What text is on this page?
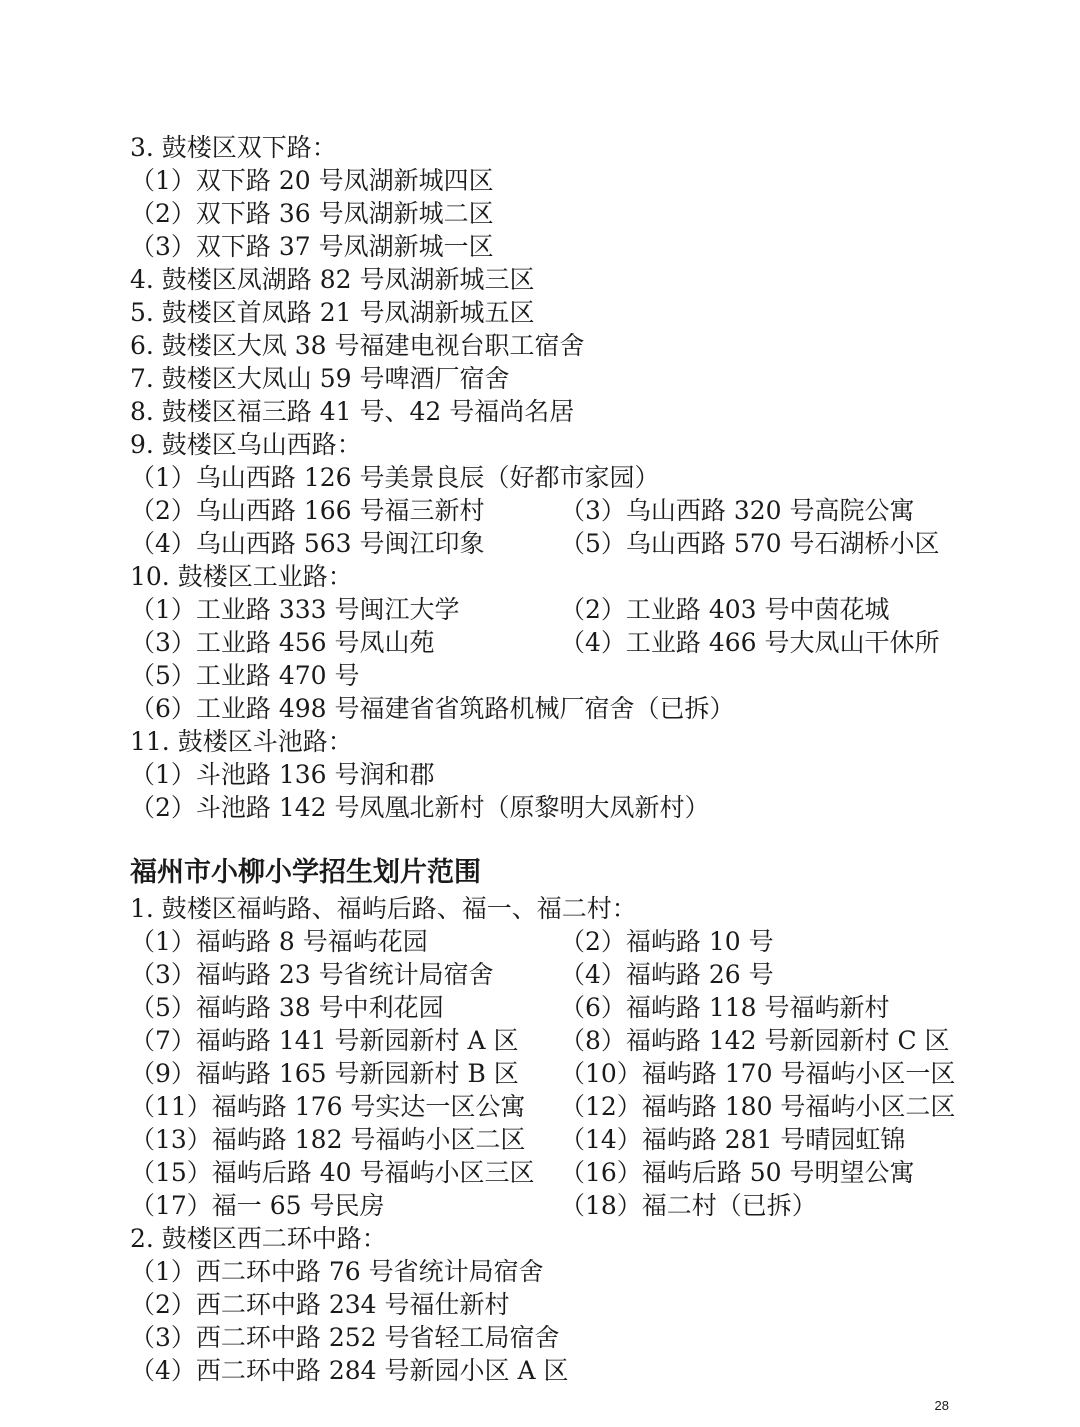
3. 鼓楼区双下路：
（1）双下路 20 号凤湖新城四区
（2）双下路 36 号凤湖新城二区
（3）双下路 37 号凤湖新城一区
4. 鼓楼区凤湖路 82 号凤湖新城三区
5. 鼓楼区首凤路 21 号凤湖新城五区
6. 鼓楼区大凤 38 号福建电视台职工宿舍
7. 鼓楼区大凤山 59 号啤酒厂宿舍
8. 鼓楼区福三路 41 号、42 号福尚名居
9. 鼓楼区乌山西路：
（1）乌山西路 126 号美景良辰（好都市家园）
（2）乌山西路 166 号福三新村	（3）乌山西路 320 号高院公寓
（4）乌山西路 563 号闽江印象	（5）乌山西路 570 号石湖桥小区
10. 鼓楼区工业路：
（1）工业路 333 号闽江大学	（2）工业路 403 号中茵花城
（3）工业路 456 号凤山苑	（4）工业路 466 号大凤山干休所
（5）工业路 470 号
（6）工业路 498 号福建省省筑路机械厂宿舍（已拆）
11. 鼓楼区斗池路：
（1）斗池路 136 号润和郡
（2）斗池路 142 号凤凰北新村（原黎明大凤新村）
福州市小柳小学招生划片范围
1. 鼓楼区福屿路、福屿后路、福一、福二村：
（1）福屿路 8 号福屿花园	（2）福屿路 10 号
（3）福屿路 23 号省统计局宿舍	（4）福屿路 26 号
（5）福屿路 38 号中利花园	（6）福屿路 118 号福屿新村
（7）福屿路 141 号新园新村 A 区 （8）福屿路 142 号新园新村 C 区
（9）福屿路 165 号新园新村 B 区 （10）福屿路 170 号福屿小区一区
（11）福屿路 176 号实达一区公寓 （12）福屿路 180 号福屿小区二区
（13）福屿路 182 号福屿小区二区 （14）福屿路 281 号晴园虹锦
（15）福屿后路 40 号福屿小区三区 （16）福屿后路 50 号明望公寓
（17）福一 65 号民房	（18）福二村（已拆）
2. 鼓楼区西二环中路：
（1）西二环中路 76 号省统计局宿舍
（2）西二环中路 234 号福仕新村
（3）西二环中路 252 号省轻工局宿舍
（4）西二环中路 284 号新园小区 A 区
28
